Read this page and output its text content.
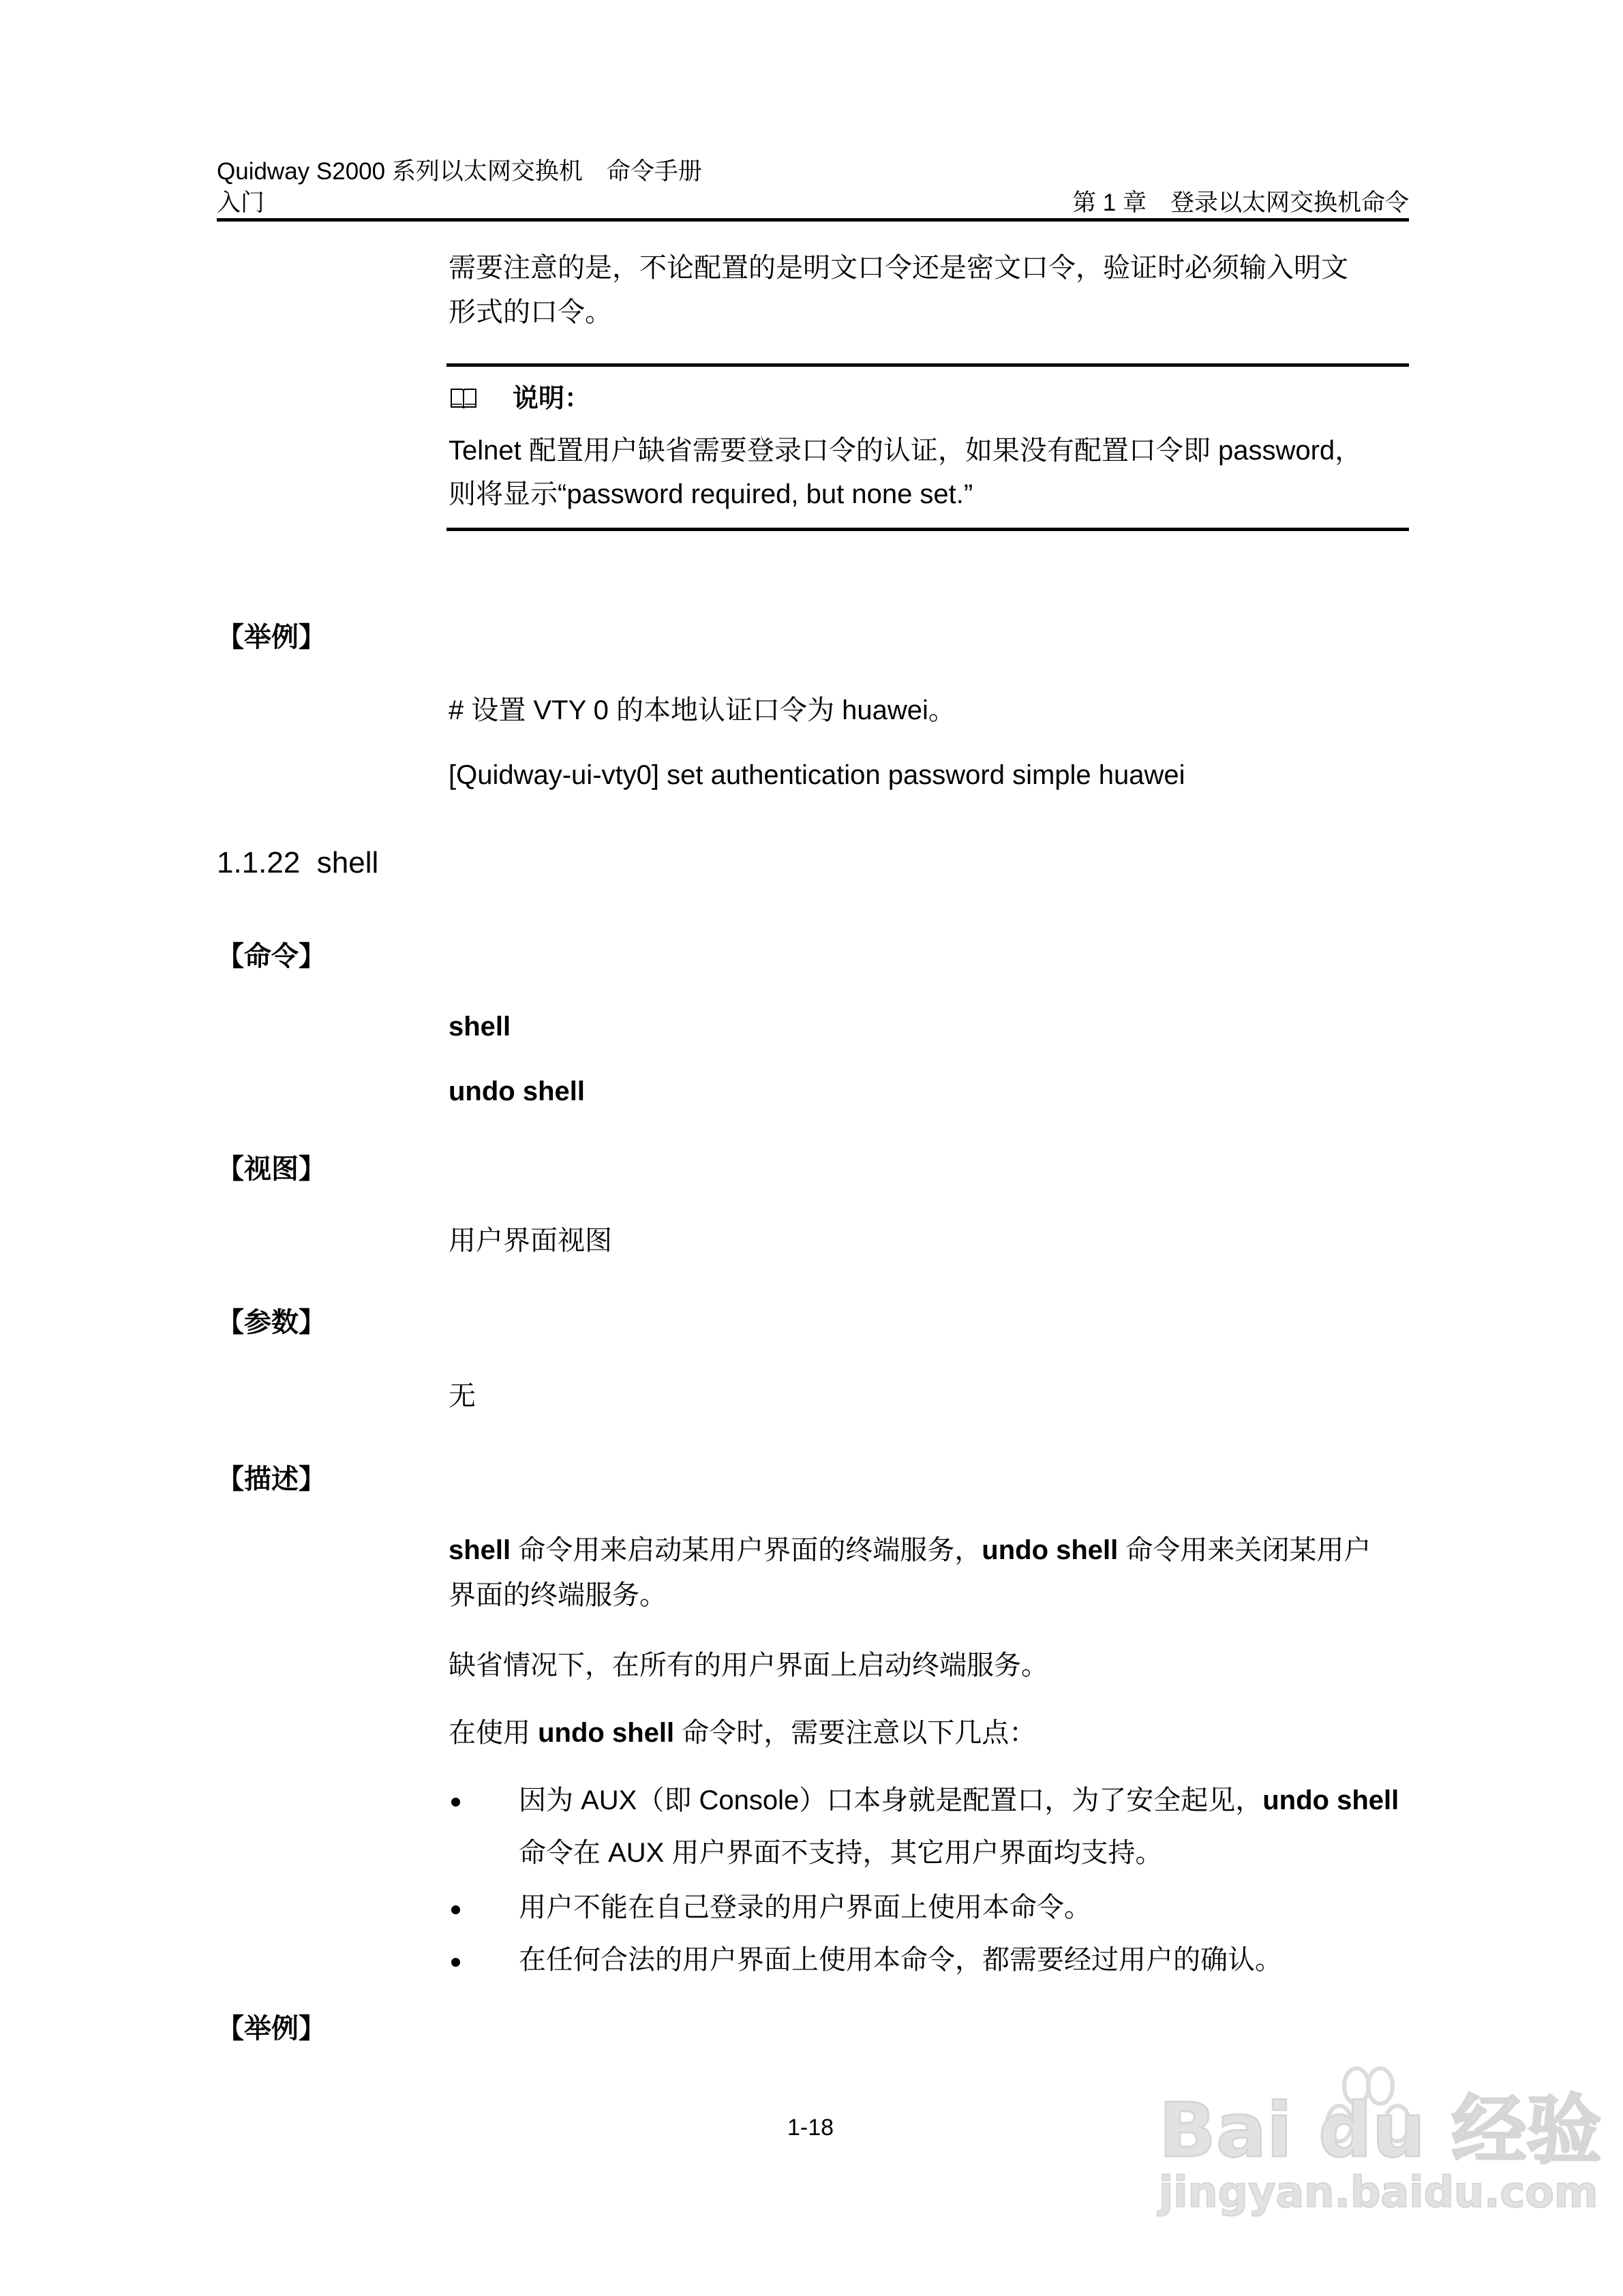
Quidway S2000 系列以太网交换机　命令手册
入门	第 1 章　登录以太网交换机命令
需要注意的是，不论配置的是明文口令还是密文口令，验证时必须输入明文
形式的口令。
说明：
Telnet 配置用户缺省需要登录口令的认证，如果没有配置口令即 password，
则将显示“password required, but none set.”
【举例】
# 设置 VTY 0 的本地认证口令为 huawei。
[Quidway-ui-vty0] set authentication password simple huawei
1.1.22 shell
【命令】
shell
undo shell
【视图】
用户界面视图
【参数】
无
【描述】
shell 命令用来启动某用户界面的终端服务，undo shell 命令用来关闭某用户
界面的终端服务。
缺省情况下，在所有的用户界面上启动终端服务。
在使用 undo shell 命令时，需要注意以下几点：
因为 AUX（即 Console）口本身就是配置口，为了安全起见，undo shell
命令在 AUX 用户界面不支持，其它用户界面均支持。
用户不能在自己登录的用户界面上使用本命令。
在任何合法的用户界面上使用本命令，都需要经过用户的确认。
【举例】
1-18	Bai du 经验
jingyan.baidu.com
